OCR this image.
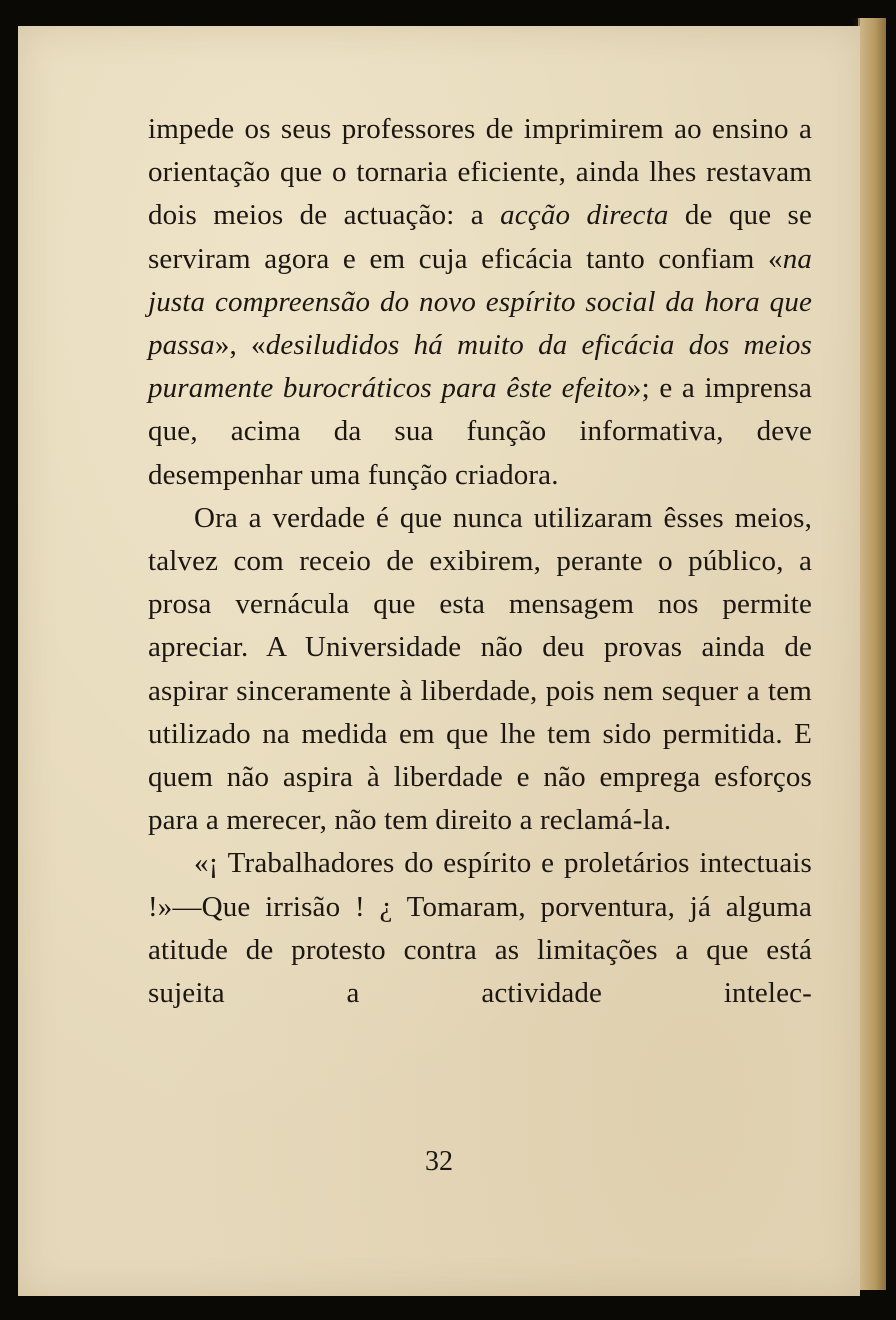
impede os seus professores de imprimirem ao ensino a orientação que o tornaria eficiente, ainda lhes restavam dois meios de actuação: a acção directa de que se serviram agora e em cuja eficácia tanto confiam «na justa compreensão do novo espírito social da hora que passa», «desiludidos há muito da eficácia dos meios puramente burocráticos para êste efeito»; e a imprensa que, acima da sua função informativa, deve desempenhar uma função criadora.

Ora a verdade é que nunca utilizaram êsses meios, talvez com receio de exibirem, perante o público, a prosa vernácula que esta mensagem nos permite apreciar. A Universidade não deu provas ainda de aspirar sinceramente à liberdade, pois nem sequer a tem utilizado na medida em que lhe tem sido permitida. E quem não aspira à liberdade e não emprega esforços para a merecer, não tem direito a reclamá-la.

«¡ Trabalhadores do espírito e proletários intectuais !»—Que irrisão ! ¿ Tomaram, porventura, já alguma atitude de protesto contra as limitações a que está sujeita a actividade intelec-

32
